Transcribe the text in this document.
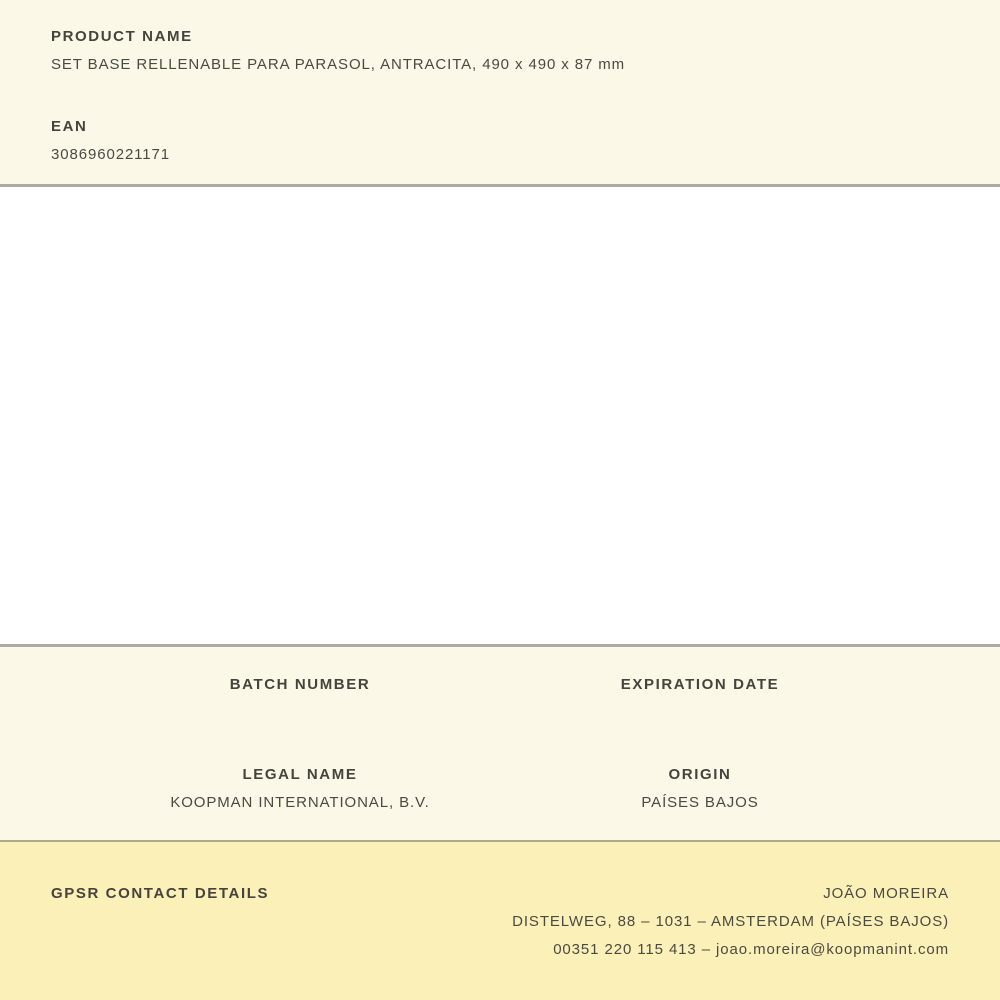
PRODUCT NAME

SET BASE RELLENABLE PARA PARASOL, ANTRACITA, 490 x 490 x 87 mm

EAN

3086960221171

BATCH NUMBER

LEGAL NAME

KOOPMAN INTERNATIONAL, B.V.

EXPIRATION DATE

ORIGIN

PAÍSES BAJOS

GPSR CONTACT DETAILS	JOÃO MOREIRA

DISTELWEG, 88 – 1031 – AMSTERDAM (PAÍSES BAJOS)

00351 220 115 413 – joao.moreira@koopmanint.com
